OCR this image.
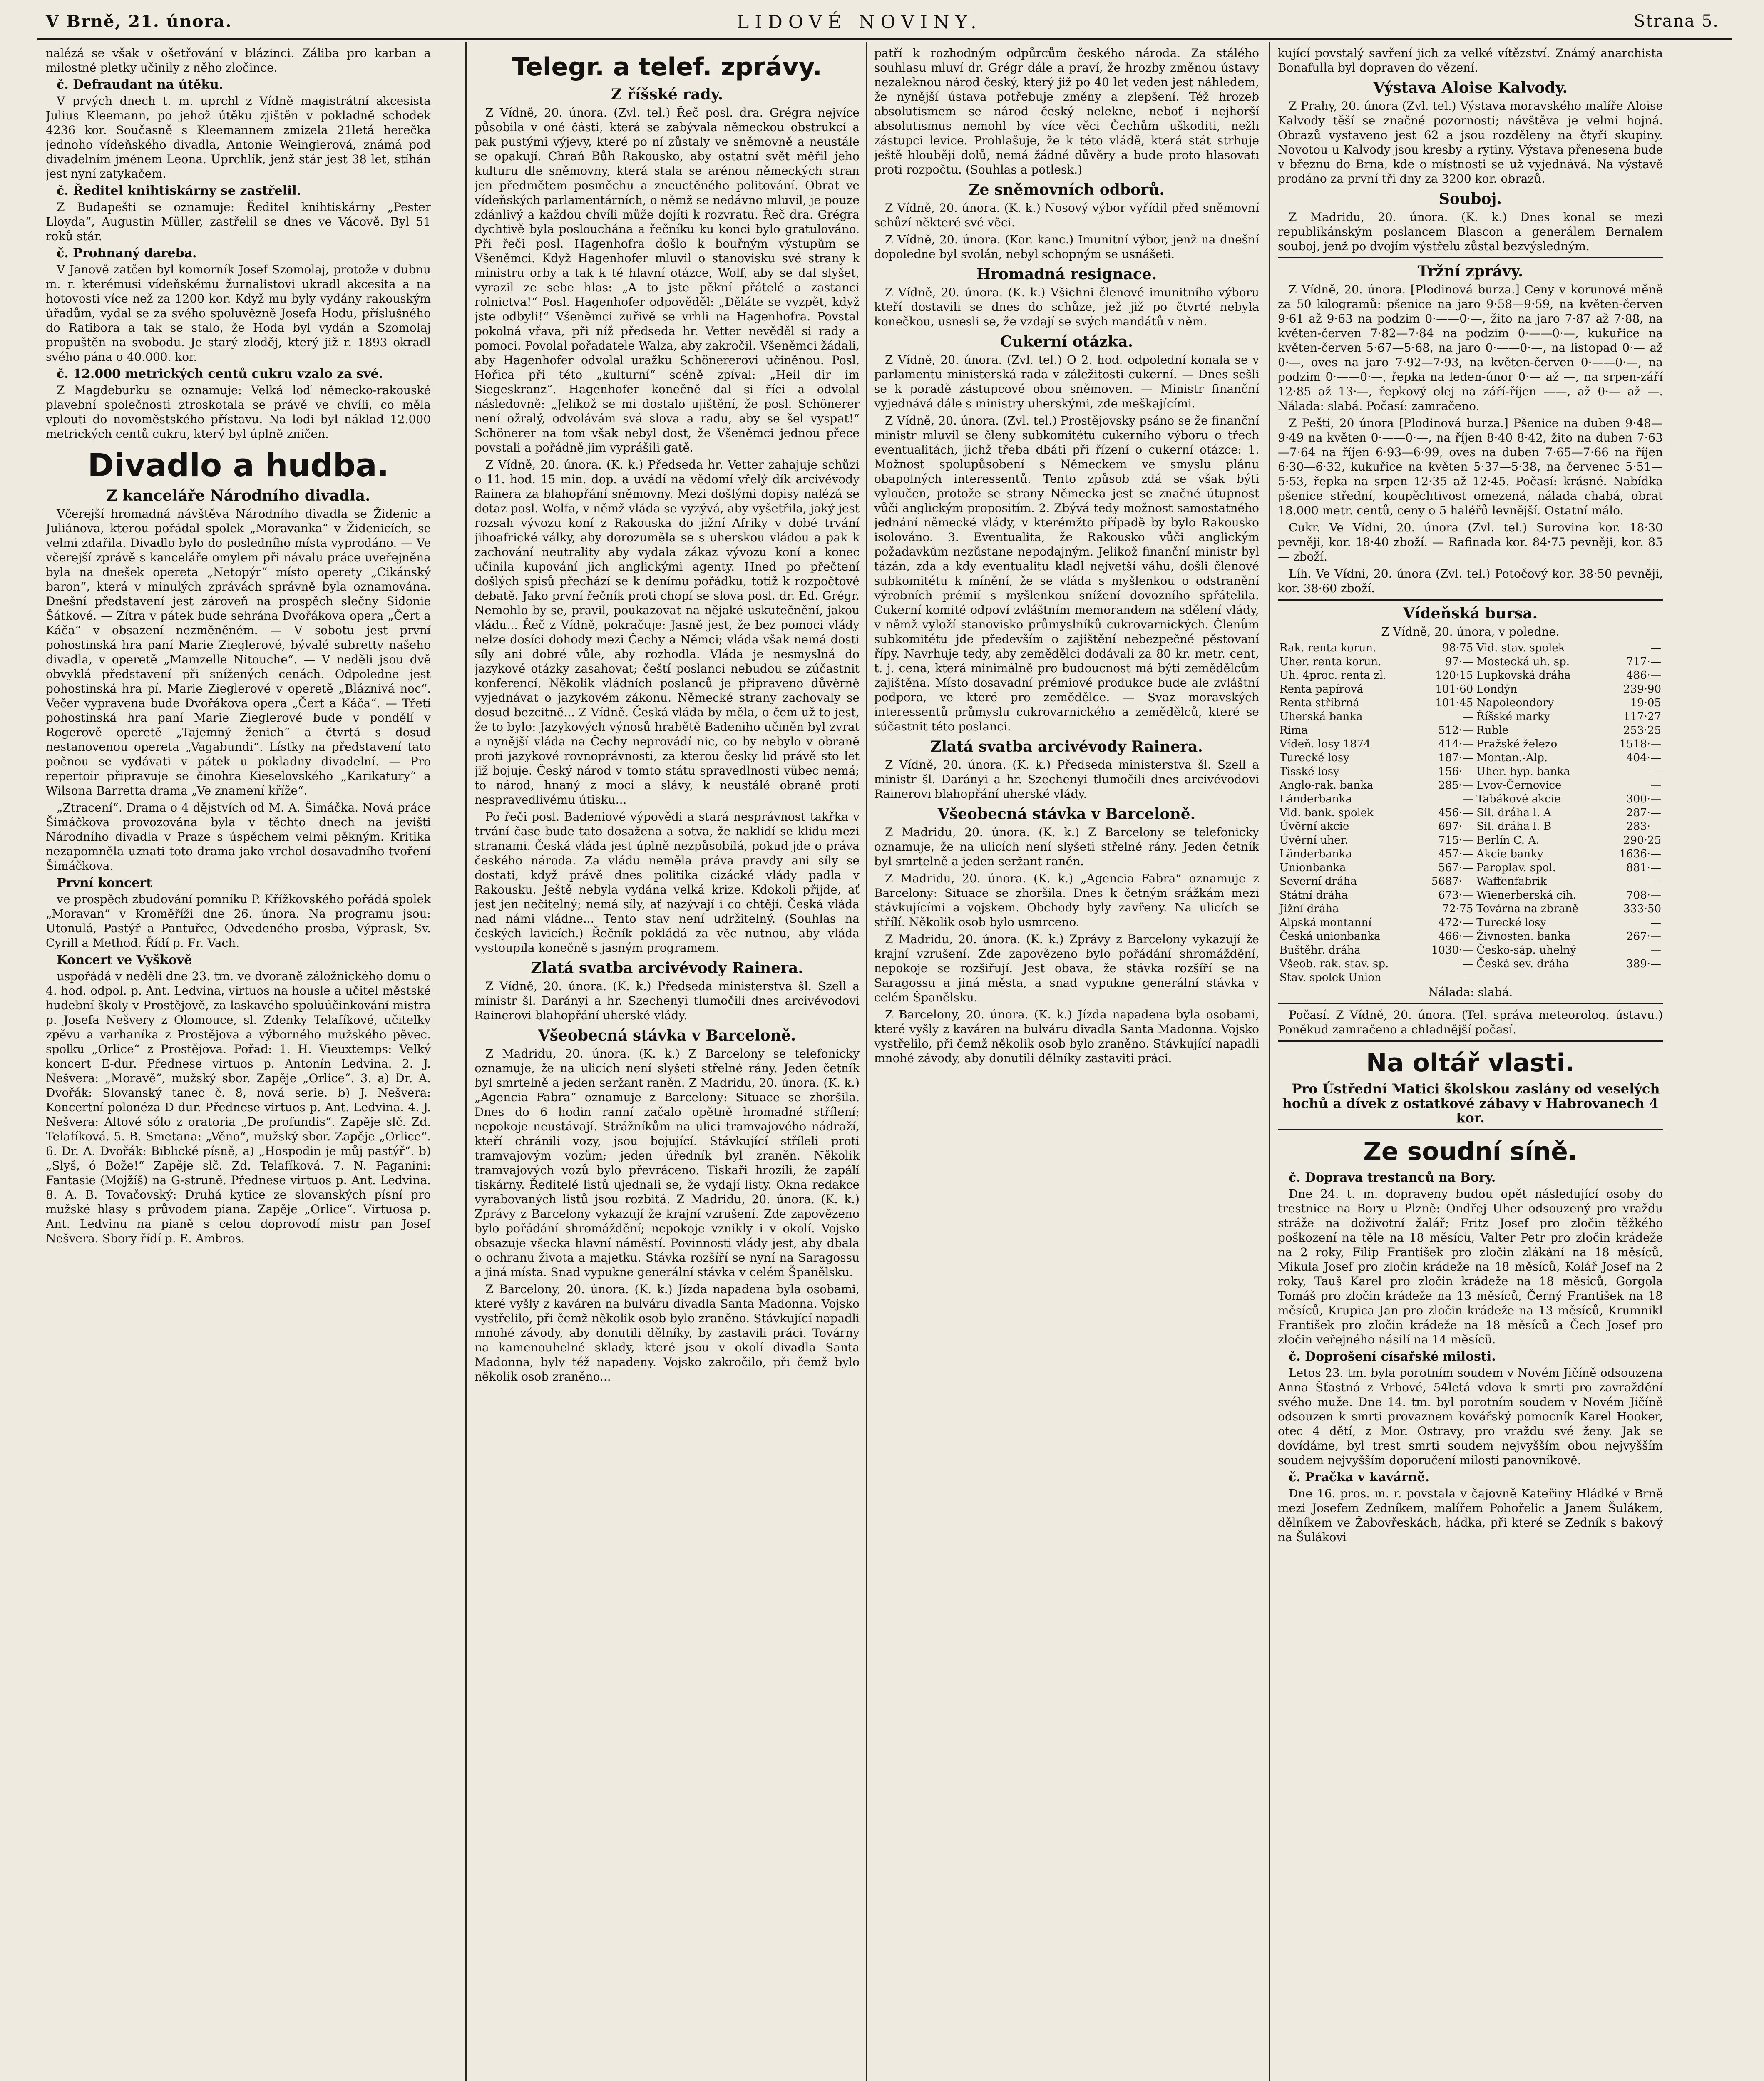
V Brně, 21. února.	LIDOVÉ NOVINY.	Strana 5.

nalézá se však v ošetřování v blázinci. Záliba pro karban a milostné pletky učinily z něho zločince.

č. Defraudant na útěku.

V prvých dnech t. m. uprchl z Vídně magistrátní akcesista Julius Kleemann, po jehož útěku zjištěn v pokladně schodek 4236 kor. Současně s Kleemannem zmizela 21letá herečka jednoho vídeňského divadla, Antonie Weingierová, známá pod divadelním jménem Leona. Uprchlík, jenž stár jest 38 let, stíhán jest nyní zatykačem.

č. Ředitel knihtiskárny se zastřelil.

Z Budapešti se oznamuje: Ředitel knihtiskárny „Pester Lloyda“, Augustin Müller, zastřelil se dnes ve Vácově. Byl 51 roků stár.

č. Prohnaný darebа.

V Janově zatčen byl komorník Josef Szomolaj, protože v dubnu m. r. kterémusi vídeňskému žurnalistovi ukradl akcesitа a na hotovosti více než za 1200 kor. Když mu byly vydány rakouským úřadům, vydal se za svého spoluvězně Josefa Hodu, příslušného do Ratibora a tak se stalo, že Hoda byl vydán a Szomolaj propuštěn na svobodu. Je starý zloděj, který již r. 1893 okradl svého pána o 40.000. kor.

č. 12.000 metrických centů cukru vzalo za své.

Z Magdeburku se oznamuje: Velká loď německo-rakouské plavební společnosti ztroskotala se právě ve chvíli, co měla vplouti do novoměstského přístavu. Na lodi byl náklad 12.000 metrických centů cukru, který byl úplně zničen.

Divadlo a hudba.
Z kanceláře Národního divadla.

Včerejší hromadná návštěva Národního divadla se Židenic a Juliánova, kterou pořádal spolek „Moravanka“ v Židenicích, se velmi zdařila. Divadlo bylo do posledního místa vyprodáno. — Ve včerejší zprávě s kanceláře omylem při návalu práce uveřejněna byla na dnešek opereta „Netopýr“ místo operety „Cikánský baron“, která v minulých zprávách správně byla oznamována. Dnešní představení jest zároveň na prospěch slečny Sidonie Šátkové. — Zítra v pátek bude sehrána Dvořákova opera „Čert a Káča“ v obsazení nezměněném. — V sobotu jest první pohostinská hra paní Marie Zieglerové, bývalé subretty našeho divadla, v operetě „Mamzelle Nitouche“. — V neděli jsou dvě obvyklá představení při snížených cenách. Odpoledne jest pohostinská hra pí. Marie Zieglerové v operetě „Bláznivá noc“. Večer vypravena bude Dvořákova opera „Čert a Káča“. — Třetí pohostinská hra paní Marie Zieglerové bude v pondělí v Rogerově operetě „Tajemný ženich“ a čtvrtá s dosud nestanovenou opereta „Vagabundi“. Lístky na představení tato počnou se vydávati v pátek u pokladny divadelní. — Pro repertoir připravuje se činohra Kieselovského „Karikatury“ a Wilsona Barretta drama „Ve znamení kříže“.

„Ztracení“. Drama o 4 dějstvích od M. A. Šimáčka. Nová práce Šimáčkova provozována byla v těchto dnech na jevišti Národního divadla v Praze s úspěchem velmi pěkným. Kritika nezapomněla uznati toto drama jako vrchol dosavadního tvoření Šimáčkova.

První koncert

ve prospěch zbudování pomníku P. Křížkovského pořádá spolek „Moravan“ v Kroměříži dne 26. února. Na programu jsou: Utonulá, Pastýř a Pantuřec, Odvedeného prosba, Výprask, Sv. Cyrill a Method. Řídí p. Fr. Vach.

Koncert ve Vyškově

uspořádá v neděli dne 23. tm. ve dvoraně záložnického domu o 4. hod. odpol. p. Ant. Ledvina, virtuos na housle a učitel městské hudební školy v Prostějově, za laskavého spoluúčinkování mistra p. Josefa Nešvery z Olomouce, sl. Zdenky Telafíkové, učitelky zpěvu a varhaníka z Prostějova a výborného mužského pěvec. spolku „Orlice“ z Prostějova. Pořad: 1. H. Vieuxtemps: Velký koncert E-dur. Přednese virtuos p. Antonín Ledvina. 2. J. Nešvera: „Moravě“, mužský sbor. Zapěje „Orlice“. 3. a) Dr. A. Dvořák: Slovanský tanec č. 8, nová serie. b) J. Nešvera: Koncertní polonéza D dur. Přednese virtuos p. Ant. Ledvina. 4. J. Nešvera: Altové sólo z oratoria „De profundis“. Zapěje slč. Zd. Telafíková. 5. B. Smetana: „Věno“, mužský sbor. Zapěje „Orlice“. 6. Dr. A. Dvořák: Biblické písně, a) „Hospodin je můj pastýř“. b) „Slyš, ó Bože!“ Zapěje slč. Zd. Telafíková. 7. N. Paganini: Fantasie (Mojžíš) na G-struně. Přednese virtuos p. Ant. Ledvina. 8. A. B. Tovačovský: Druhá kytice ze slovanských písní pro mužské hlasy s průvodem piana. Zapěje „Orlice“. Virtuosa p. Ant. Ledvinu na pianě s celou doprovodí mistr pan Josef Nešvera. Sbory řídí p. E. Ambros.

Telegr. a telef. zprávy.
Z říšské rady.

Z Vídně, 20. února. (Zvl. tel.) Řeč posl. dra. Grégra nejvíce působila v oné části, která se zabývala německou obstrukcí a pak pustými výjevy, které po ní zůstaly ve sněmovně a neustále se opakují. Chrań Bůh Rakousko, aby ostatní svět měřil jeho kulturu dle sněmovny, která stala se arénou německých stran jen předmětem posměchu a zneuctěného politování. Obrat ve vídeňských parlamentárních, o němž se nedávno mluvil, je pouze zdánlivý a každou chvíli může dojíti k rozvratu. Řeč dra. Grégra dychtivě byla poslouchána a řečníku ku konci bylo gratulováno. Při řeči posl. Hagenhofra došlo k bouřným výstupům se Všeněmci. Když Hagenhofer mluvil o stanovisku své strany k ministru orby a tak k té hlavní otázce, Wolf, aby se dal slyšet, vyrazil ze sebe hlas: „A to jste pěkní přátelé a zastanci rolnictva!“ Posl. Hagenhofer odpověděl: „Děláte se vyzpět, když jste odbyli!“ Všeněmci zuřivě se vrhli na Hagenhofra. Povstal pokolná vřava, při níž předseda hr. Vetter nevěděl si rady a pomoci. Povolal pořadatele Walza, aby zakročil. Všeněmci žádali, aby Hagenhofer odvolal uražku Schönererovi učiněnou. Posl. Hořica při této „kulturní“ scéně zpíval: „Heil dir im Siegeskranz“. Hagenhofer konečně dal si říci a odvolal následovně: „Jelikož se mi dostalo ujištění, že posl. Schönerer není ožralý, odvolávám svá slova a radu, aby se šel vyspat!“ Schönerer na tom však nebyl dost, že Všeněmci jednou přece povstali a pořádně jim vyprášili gatě.

Z Vídně, 20. února. (K. k.) Předseda hr. Vetter zahajuje schůzi o 11. hod. 15 min. dop. a uvádí na vědomí vřelý dík arcivévody Rainera za blahopřání sněmovny. Mezi došlými dopisy nalézá se dotaz posl. Wolfa, v němž vláda se vyzývá, aby vyšetřila, jaký jest rozsah vývozu koní z Rakouska do jižní Afriky v dobé trvání jihoafrické války, aby dorozuměla se s uherskou vládou a pak k zachování neutrality aby vydala zákaz vývozu koní a konec učinila kupování jich anglickými agenty. Hned po přečtení došlých spisů přechází se k denímu pořádku, totiž k rozpočtové debatě. Jako první řečník proti chopí se slova posl. dr. Ed. Grégr. Nemohlo by se, pravil, poukazovat na nějaké uskutečnění, jakou vládu... Řeč z Vídně, pokračuje: Jasně jest, že bez pomoci vlády nelze dosíci dohody mezi Čechy a Němci; vláda však nemá dosti síly ani dobré vůle, aby rozhodla. Vláda je nesmyslná do jazykové otázky zasahovat; čeští poslanci nebudou se zúčastnit konferencí. Několik vládních poslanců je připraveno důvěrně vyjednávat o jazykovém zákonu. Německé strany zachovaly se dosud bezcitně... Z Vídně. Česká vláda by měla, o čem už to jest, že to bylo: Jazykových výnosů hrabětě Badeniho učiněn byl zvrat a nynější vláda na Čechy neprovádí nic, co by nebylo v obraně proti jazykové rovnoprávnosti, za kterou česky lid právě sto let již bojuje. Český národ v tomto státu spravedlnosti vůbec nemá; to národ, hnaný z moci a slávy, k neustálé obraně proti nespravedlivému útisku...

Po řeči posl. Badeniové výpovědi a stará nesprávnost takřka v trvání čase bude tato dosažena a sotva, že naklidí se klidu mezi stranami. Česká vláda jest úplně nezpůsobilá, pokud jde o práva českého národa. Za vládu neměla práva pravdy ani síly se dostati, když právě dnes politika cizácké vlády padla v Rakousku. Ještě nebyla vydána velká krize. Kdokoli přijde, ať jest jen nečitelný; nemá síly, ať nazývají i co chtějí. Česká vláda nad námi vládne... Tento stav není udržitelný. (Souhlas na českých lavicích.) Řečník pokládá za věc nutnou, aby vláda vystoupila konečně s jasným programem.

Zlatá svatba arcivévody Rainera.

Z Vídně, 20. února. (K. k.) Předseda ministerstva šl. Szell a ministr šl. Darányi a hr. Szechenyi tlumočili dnes arcivévodovi Rainerovi blahopřání uherské vlády.

Všeobecná stávka v Barceloně.

Z Madridu, 20. února. (K. k.) Z Barcelony se telefonicky oznamuje, že na ulicích není slyšeti střelné rány. Jeden četník byl smrtelně a jeden seržant raněn. Z Madridu, 20. února. (K. k.) „Agencia Fabra“ oznamuje z Barcelony: Situace se zhoršila. Dnes do 6 hodin ranní začalo opětně hromadné střílení; nepokoje neustávají. Strážníkům na ulici tramvajového nádraží, kteří chránili vozy, jsou bojující. Stávkující stříleli proti tramvajovým vozům; jeden úředník byl zraněn. Několik tramvajových vozů bylo převráceno. Tiskaři hrozili, že zapálí tiskárny. Ředitelé listů ujednali se, že vydají listy. Okna redakce vyrabovaných listů jsou rozbitá. Z Madridu, 20. února. (K. k.) Zprávy z Barcelony vykazují že krajní vzrušení. Zde zapovězeno bylo pořádání shromáždění; nepokoje vznikly i v okolí. Vojsko obsazuje všecka hlavní náměstí. Povinnosti vlády jest, aby dbala o ochranu života a majetku. Stávka rozšíří se nyní na Saragossu a jiná místa. Snad vypukne generální stávka v celém Španělsku.

Z Barcelony, 20. února. (K. k.) Jízda napadena byla osobami, které vyšly z kaváren na bulváru divadla Santa Madonna. Vojsko vystřelilo, při čemž několik osob bylo zraněno. Stávkující napadli mnohé závody, aby donutili dělníky, by zastavili práci. Továrny na kamenouhelné sklady, které jsou v okolí divadla Santa Madonna, byly též napadeny. Vojsko zakročilo, při čemž bylo několik osob zraněno...

patří k rozhodným odpůrcům českého národa. Za stálého souhlasu mluví dr. Grégr dále a praví, že hrozby změnou ústavy nezaleknou národ český, který již po 40 let veden jest náhledem, že nynější ústava potřebuje změny a zlepšení. Též hrozeb absolutismem se národ český nelekne, neboť i nejhorší absolutismus nemohl by více věci Čechům uškoditi, nežli zástupci levice. Prohlašuje, že k této vládě, která stát strhuje ještě hlouběji dolů, nemá žádné důvěry a bude proto hlasovati proti rozpočtu. (Souhlas a potlesk.)

Ze sněmovních odborů.

Z Vídně, 20. února. (K. k.) Nosový výbor vyřídil před sněmovní schůzí některé své věci.

Z Vídně, 20. února. (Kor. kanc.) Imunitní výbor, jenž na dnešní dopoledne byl svolán, nebyl schopným se usnášeti.

Hromadná resignace.

Z Vídně, 20. února. (K. k.) Všichni členové imunitního výboru kteří dostavili se dnes do schůze, jež již po čtvrté nebyla konečkou, usnesli se, že vzdají se svých mandátů v něm.

Cukerní otázka.

Z Vídně, 20. února. (Zvl. tel.) O 2. hod. odpolední konala se v parlamentu ministerská rada v záležitosti cukerní. — Dnes sešli se k poradě zástupcové obou sněmoven. — Ministr finanční vyjednává dále s ministry uherskými, zde meškajícími.

Z Vídně, 20. února. (Zvl. tel.) Prostějovsky psáno se že finanční ministr mluvil se členy subkomitétu cukerního výboru o třech eventualitách, jichž třeba dbáti při řízení o cukerní otázce: 1. Možnost spolupůsobení s Německem ve smyslu plánu obapolných interessentů. Tento způsob zdá se však býti vyloučen, protože se strany Německa jest se značné útupnost vůči anglickým propositím. 2. Zbývá tedy možnost samostatného jednání německé vlády, v kterémžto případě by bylo Rakousko isolováno. 3. Eventualita, že Rakousko vůči anglickým požadavkům nezůstane nepodajným. Jelikož finanční ministr byl tázán, zda a kdy eventualitu kladl nejvetší váhu, došli členové subkomitétu k mínění, že se vláda s myšlenkou o odstranění výrobních prémií s myšlenkou snížení dovozního spřátelila. Cukerní komité odpoví zvláštním memorandem na sdělení vlády, v němž vyloží stanovisko průmyslníků cukrovarnických. Členům subkomitétu jde především o zajištění nebezpečné pěstovaní řípy. Navrhuje tedy, aby zemědělci dodávali za 80 kr. metr. cent, t. j. cena, která minimálně pro budoucnost má býti zemědělcům zajištěna. Místo dosavadní prémiové produkce bude ale zvláštní podpora, ve které pro zemědělce. — Svaz moravských interessentů průmyslu cukrovarnického a zemědělců, které se súčastnit této poslanci.

Zlatá svatba arcivévody Rainera.

Z Vídně, 20. února. (K. k.) Předseda ministerstva šl. Szell a ministr šl. Darányi a hr. Szechenyi tlumočili dnes arcivévodovi Rainerovi blahopřání uherské vlády.

Všeobecná stávka v Barceloně.

Z Madridu, 20. února. (K. k.) Z Barcelony se telefonicky oznamuje, že na ulicích není slyšeti střelné rány. Jeden četník byl smrtelně a jeden seržant raněn.

Z Madridu, 20. února. (K. k.) „Agencia Fabra“ oznamuje z Barcelony: Situace se zhoršila. Dnes k četným srážkám mezi stávkujícími a vojskem. Obchody byly zavřeny. Na ulicích se střílí. Několik osob bylo usmrceno.

Z Madridu, 20. února. (K. k.) Zprávy z Barcelony vykazují že krajní vzrušení. Zde zapovězeno bylo pořádání shromáždění, nepokoje se rozšiřují. Jest obava, že stávka rozšíří se na Saragossu a jiná města, a snad vypukne generální stávka v celém Španělsku.

Z Barcelony, 20. února. (K. k.) Jízda napadena byla osobami, které vyšly z kaváren na bulváru divadla Santa Madonna. Vojsko vystřelilo, při čemž několik osob bylo zraněno. Stávkující napadli mnohé závody, aby donutili dělníky zastaviti práci.

kující povstalý savření jich za velké vítězství. Známý anarchista Bonafulla byl dopraven do vězení.

Výstava Aloise Kalvody.

Z Prahy, 20. února (Zvl. tel.) Výstava moravského malíře Aloise Kalvody těší se značné pozornosti; návštěva je velmi hojná. Obrazů vystaveno jest 62 a jsou rozděleny na čtyři skupiny. Novotou u Kalvody jsou kresby a rytiny. Výstava přenesena bude v březnu do Brna, kde o místnosti se už vyjednává. Na výstavě prodáno za první tři dny za 3200 kor. obrazů.

Souboj.

Z Madridu, 20. února. (K. k.) Dnes konal se mezi republikánským poslancem Blascon a generálem Bernalem souboj, jenž po dvojím výstřelu zůstal bezvýsledným.

Tržní zprávy.

Z Vídně, 20. února. [Plodinová burza.] Ceny v korunové měně za 50 kilogramů: pšenice na jaro 9·58—9·59, na květen-červen 9·61 až 9·63 na podzim 0·——0·—, žito na jaro 7·87 až 7·88, na květen-červen 7·82—7·84 na podzim 0·——0·—, kukuřice na květen-červen 5·67—5·68, na jaro 0·——0·—, na listopad 0·— až 0·—, oves na jaro 7·92—7·93, na květen-červen 0·——0·—, na podzim 0·——0·—, řepka na leden-únor 0·— až —, na srpen-září 12·85 až 13·—, řepkový olej na září-říjen ——, až 0·— až —. Nálada: slabá. Počasí: zamračeno.

Z Pešti, 20 února [Plodinová burza.] Pšenice na duben 9·48—9·49 na květen 0·——0·—, na říjen 8·40 8·42, žito na duben 7·63—7·64 na říjen 6·93—6·99, oves na duben 7·65—7·66 na říjen 6·30—6·32, kukuřice na květen 5·37—5·38, na červenec 5·51—5·53, řepka na srpen 12·35 až 12·45. Počasí: krásné. Nabídka pšenice střední, koupěchtivost omezená, nálada chabá, obrat 18.000 metr. centů, ceny o 5 haléřů levnější. Ostatní málo.

Cukr. Ve Vídni, 20. února (Zvl. tel.) Surovina kor. 18·30 pevněji, kor. 18·40 zboží. — Rafinada kor. 84·75 pevněji, kor. 85 — zboží.

Líh. Ve Vídni, 20. února (Zvl. tel.) Potočový kor. 38·50 pevněji, kor. 38·60 zboží.

Vídeňská bursa.

Z Vídně, 20. února, v poledne.

Rak. renta korun.	98·75	Vid. stav. spolek	—
Uher. renta korun.	97·—	Mostecká uh. sp.	717·—
Uh. 4proc. renta zl.	120·15	Lupkovská dráha	486·—
Renta papírová	101·60	Londýn	239·90
Renta stříbrná	101·45	Napoleondory	19·05
Uherská banka	—	Říšské marky	117·27
Rima	512·—	Ruble	253·25
Vídeň. losy 1874	414·—	Pražské železo	1518·—
Turecké losy	187·—	Montan.-Alp.	404·—
Tisské losy	156·—	Uher. hyp. banka	—
Anglo-rak. banka	285·—	Lvov-Černovice	—
Lánderbanka	—	Tabákové akcie	300·—
Vid. bank. spolek	456·—	Sil. dráha l. A	287·—
Úvěrní akcie	697·—	Sil. dráha l. B	283·—
Úvěrní uher.	715·—	Berlín C. A.	290·25
Länderbanka	457·—	Akcie banky	1636·—
Unionbanka	567·—	Paroplav. spol.	881·—
Severní dráha	5687·—	Waffenfabrik	—
Státní dráha	673·—	Wienerberská cih.	708·—
Jižní dráha	72·75	Továrna na zbraně	333·50
Alpská montanní	472·—	Turecké losy	—
Česká unionbanka	466·—	Živnosten. banka	267·—
Buštěhr. dráha	1030·—	Česko-sáp. uhelný	—
Všeob. rak. stav. sp.	—	Česká sev. dráha	389·—
Stav. spolek Union	—		

Nálada: slabá.

Počasí. Z Vídně, 20. února. (Tel. správa meteorolog. ústavu.) Poněkud zamračeno a chladnější počasí.

Na oltář vlasti.

Pro Ústřední Matici školskou zaslány od veselých hochů a dívek z ostatkové zábavy v Habrovanech 4 kor.

Ze soudní síně.
č. Doprava trestanců na Bory.

Dne 24. t. m. dopraveny budou opět následující osoby do trestnice na Bory u Plzně: Ondřej Uher odsouzený pro vraždu stráže na doživotní žalář; Fritz Josef pro zločin těžkého poškození na těle na 18 měsíců, Valter Petr pro zločin krádeže na 2 roky, Filip František pro zločin zlákání na 18 měsíců, Mikula Josef pro zločin krádeže na 18 měsíců, Kolář Josef na 2 roky, Tauš Karel pro zločin krádeže na 18 měsíců, Gorgola Tomáš pro zločin krádeže na 13 měsíců, Černý František na 18 měsíců, Krupica Jan pro zločin krádeže na 13 měsíců, Krumnikl František pro zločin krádeže na 18 měsíců a Čech Josef pro zločin veřejného násilí na 14 měsíců.

č. Doprošení císařské milosti.

Letos 23. tm. byla porotním soudem v Novém Jičíně odsouzena Anna Šťastná z Vrbové, 54letá vdova k smrti pro zavraždění svého muže. Dne 14. tm. byl porotním soudem v Novém Jičíně odsouzen k smrti provaznem kovářský pomocník Karel Hooker, otec 4 dětí, z Mor. Ostravy, pro vraždu své ženy. Jak se dovídáme, byl trest smrti soudem nejvyšším obou nejvyšším soudem nejvyšším doporučení milosti panovníkově.

č. Pračka v kavárně.

Dne 16. pros. m. r. povstala v čajovně Kateřiny Hládké v Brně mezi Josefem Zedníkem, malířem Pohořelic a Janem Šulákem, dělníkem ve Žabovřeskách, hádka, při které se Zedník s bakový na Šulákovi
